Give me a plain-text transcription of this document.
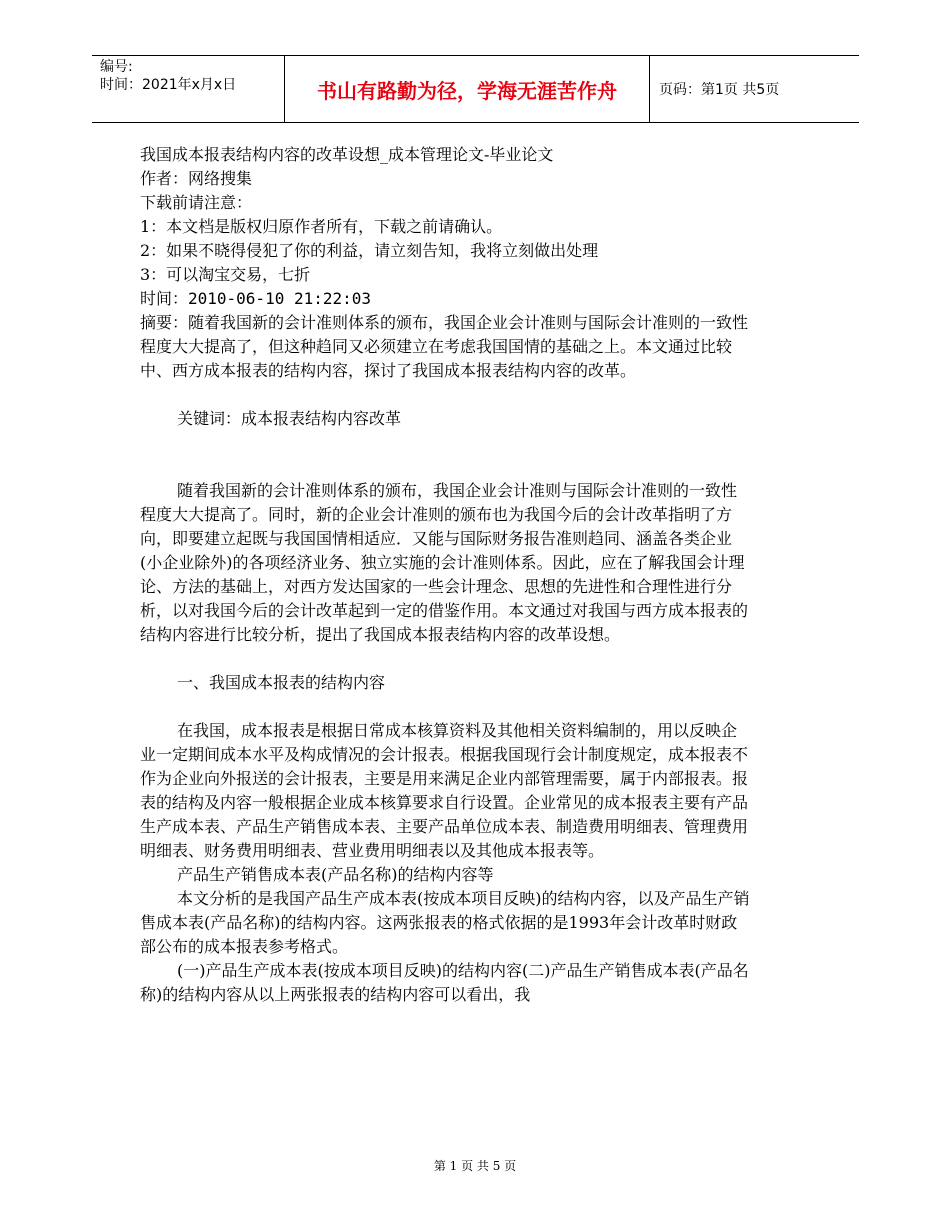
编号:
时间：2021年x月x日	书山有路勤为径，学海无涯苦作舟	页码：第1页 共5页

我国成本报表结构内容的改革设想_成本管理论文-毕业论文

作者：网络搜集

下载前请注意：

1：本文档是版权归原作者所有，下载之前请确认。

2：如果不晓得侵犯了你的利益，请立刻告知，我将立刻做出处理

3：可以淘宝交易，七折

时间：2010-06-10 21:22:03

摘要：随着我国新的会计准则体系的颁布，我国企业会计准则与国际会计准则的一致性程度大大提高了，但这种趋同又必须建立在考虑我国国情的基础之上。本文通过比较中、西方成本报表的结构内容，探讨了我国成本报表结构内容的改革。

关键词：成本报表结构内容改革

随着我国新的会计准则体系的颁布，我国企业会计准则与国际会计准则的一致性程度大大提高了。同时，新的企业会计准则的颁布也为我国今后的会计改革指明了方向，即要建立起既与我国国情相适应．又能与国际财务报告准则趋同、涵盖各类企业(小企业除外)的各项经济业务、独立实施的会计准则体系。因此，应在了解我国会计理论、方法的基础上，对西方发达国家的一些会计理念、思想的先进性和合理性进行分析，以对我国今后的会计改革起到一定的借鉴作用。本文通过对我国与西方成本报表的结构内容进行比较分析，提出了我国成本报表结构内容的改革设想。

一、我国成本报表的结构内容

在我国，成本报表是根据日常成本核算资料及其他相关资料编制的，用以反映企业一定期间成本水平及构成情况的会计报表。根据我国现行会计制度规定，成本报表不作为企业向外报送的会计报表，主要是用来满足企业内部管理需要，属于内部报表。报表的结构及内容一般根据企业成本核算要求自行设置。企业常见的成本报表主要有产品生产成本表、产品生产销售成本表、主要产品单位成本表、制造费用明细表、管理费用明细表、财务费用明细表、营业费用明细表以及其他成本报表等。

产品生产销售成本表(产品名称)的结构内容等

本文分析的是我国产品生产成本表(按成本项目反映)的结构内容，以及产品生产销售成本表(产品名称)的结构内容。这两张报表的格式依据的是1993年会计改革时财政部公布的成本报表参考格式。

(一)产品生产成本表(按成本项目反映)的结构内容(二)产品生产销售成本表(产品名称)的结构内容从以上两张报表的结构内容可以看出，我

第 1 页 共 5 页
